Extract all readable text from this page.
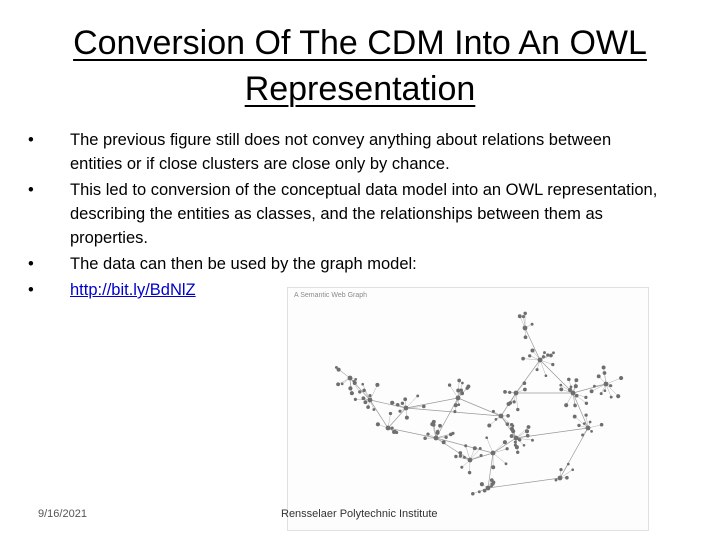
Conversion Of The CDM Into An OWL Representation
• The previous figure still does not convey anything about relations between entities or if close clusters are close only by chance.
• This led to conversion of the conceptual data model into an OWL representation, describing the entities as classes, and the relationships between them as properties.
• The data can then be used by the graph model:
• http://bit.ly/BdNlZ	A Semantic Web Graph
9/16/2021	Rensselaer Polytechnic Institute
